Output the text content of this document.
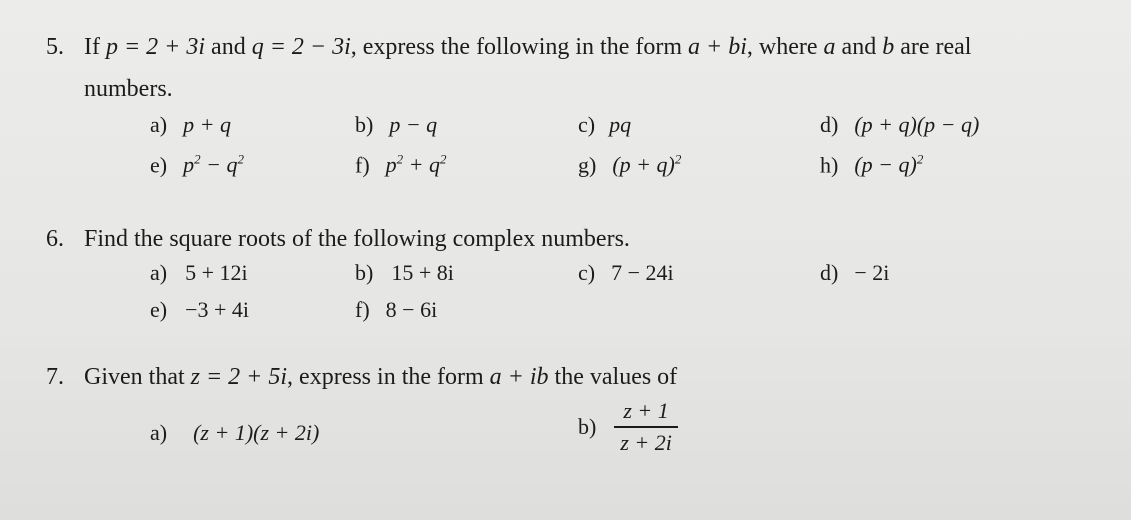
5. If p = 2 + 3i and q = 2 − 3i, express the following in the form a + bi, where a and b are real
numbers.
a) p + q	b) p − q	c) pq	d) (p + q)(p − q)
e) $p^2 - q^2$	f) $p^2 + q^2$	g) $(p + q)^2$	h) $(p - q)^2$
6. Find the square roots of the following complex numbers.
a) 5 + 12i	b) 15 + 8i	c) 7 − 24i	d) − 2i
e) −3 + 4i	f) 8 − 6i
7. Given that z = 2 + 5i, express in the form a + ib the values of
a) (z + 1)(z + 2i)	$b) \frac{z + 1}{z + 2i}$
